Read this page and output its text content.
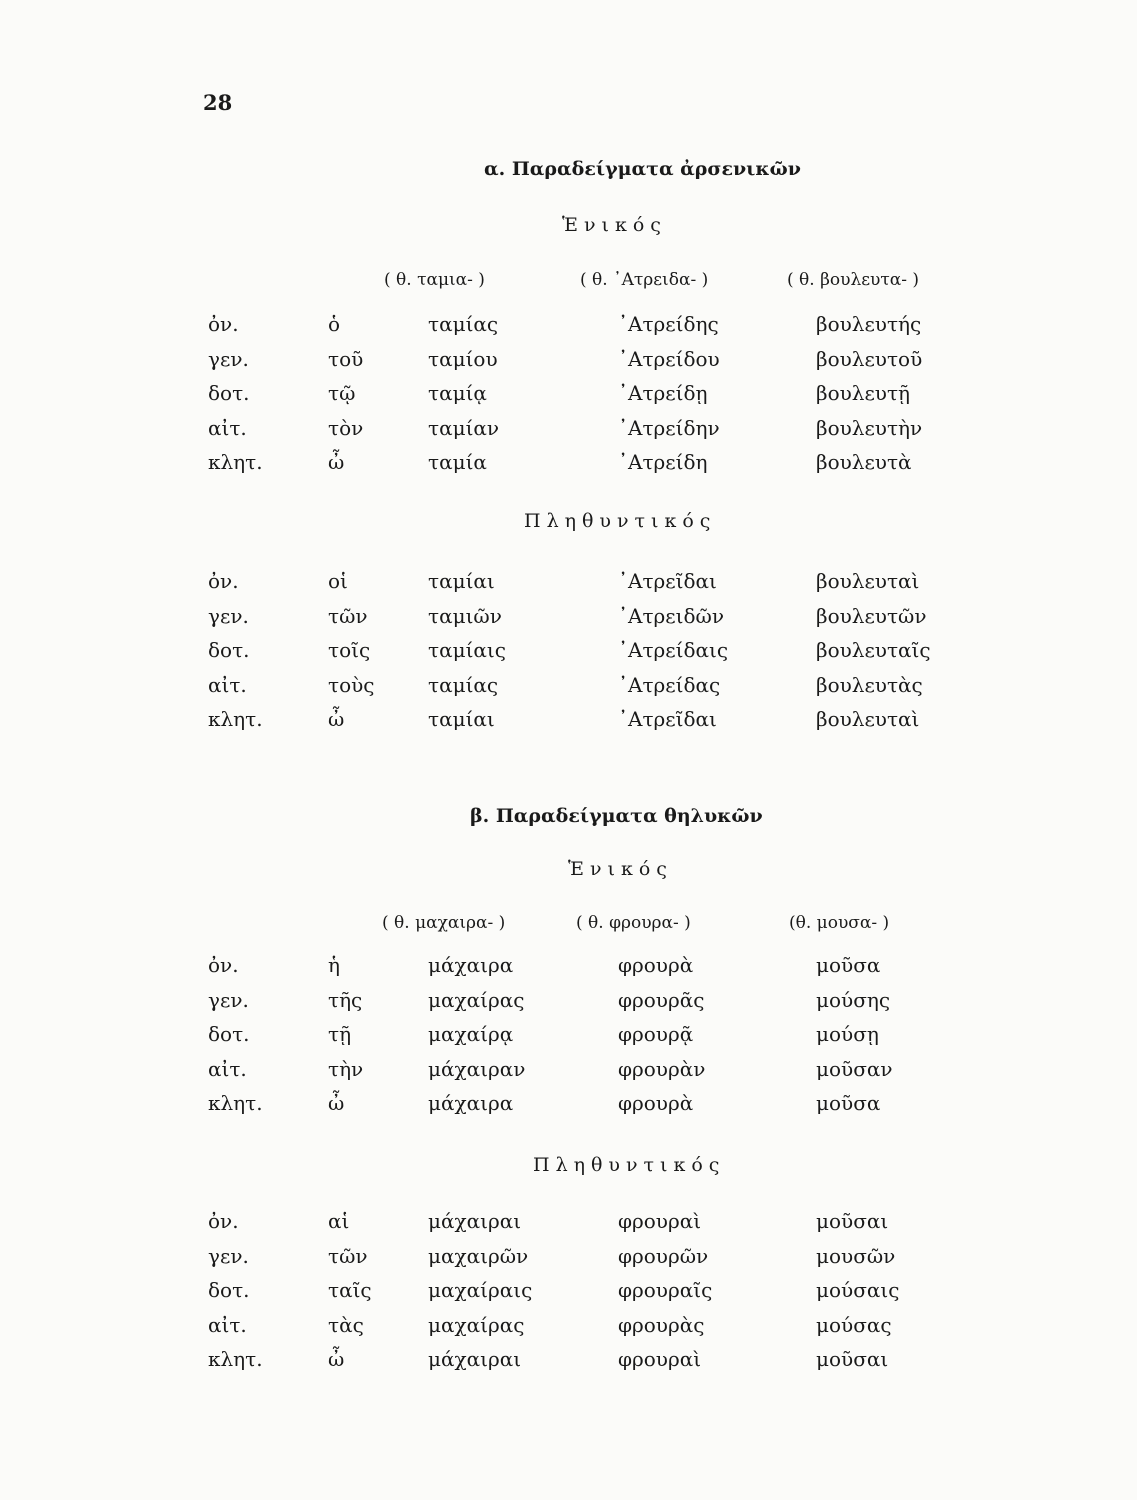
28
α. Παραδείγματα ἀρσενικῶν
Ἑνικός
( θ. ταμια- )	( θ. ᾿Ατρειδα- )	( θ. βουλευτα- )
ὀν.	ὁ	ταμίας	᾿Ατρείδης	βουλευτής
γεν.	τοῦ	ταμίου	᾿Ατρείδου	βουλευτοῦ
δοτ.	τῷ	ταμίᾳ	᾿Ατρείδῃ	βουλευτῇ
αἰτ.	τὸν	ταμίαν	᾿Ατρείδην	βουλευτὴν
κλητ.	ὦ	ταμία	᾿Ατρείδη	βουλευτὰ
Πληθυντικός
ὀν.	οἱ	ταμίαι	᾿Ατρεῖδαι	βουλευταὶ
γεν.	τῶν	ταμιῶν	᾿Ατρειδῶν	βουλευτῶν
δοτ.	τοῖς	ταμίαις	᾿Ατρείδαις	βουλευταῖς
αἰτ.	τοὺς	ταμίας	᾿Ατρείδας	βουλευτὰς
κλητ.	ὦ	ταμίαι	᾿Ατρεῖδαι	βουλευταὶ
β. Παραδείγματα θηλυκῶν
Ἑνικός
( θ. μαχαιρα- )	( θ. φρουρα- )	(θ. μουσα- )
ὀν.	ἡ	μάχαιρα	φρουρὰ	μοῦσα
γεν.	τῆς	μαχαίρας	φρουρᾶς	μούσης
δοτ.	τῇ	μαχαίρᾳ	φρουρᾷ	μούσῃ
αἰτ.	τὴν	μάχαιραν	φρουρὰν	μοῦσαν
κλητ.	ὦ	μάχαιρα	φρουρὰ	μοῦσα
Πληθυντικός
ὀν.	αἱ	μάχαιραι	φρουραὶ	μοῦσαι
γεν.	τῶν	μαχαιρῶν	φρουρῶν	μουσῶν
δοτ.	ταῖς	μαχαίραις	φρουραῖς	μούσαις
αἰτ.	τὰς	μαχαίρας	φρουρὰς	μούσας
κλητ.	ὦ	μάχαιραι	φρουραὶ	μοῦσαι
